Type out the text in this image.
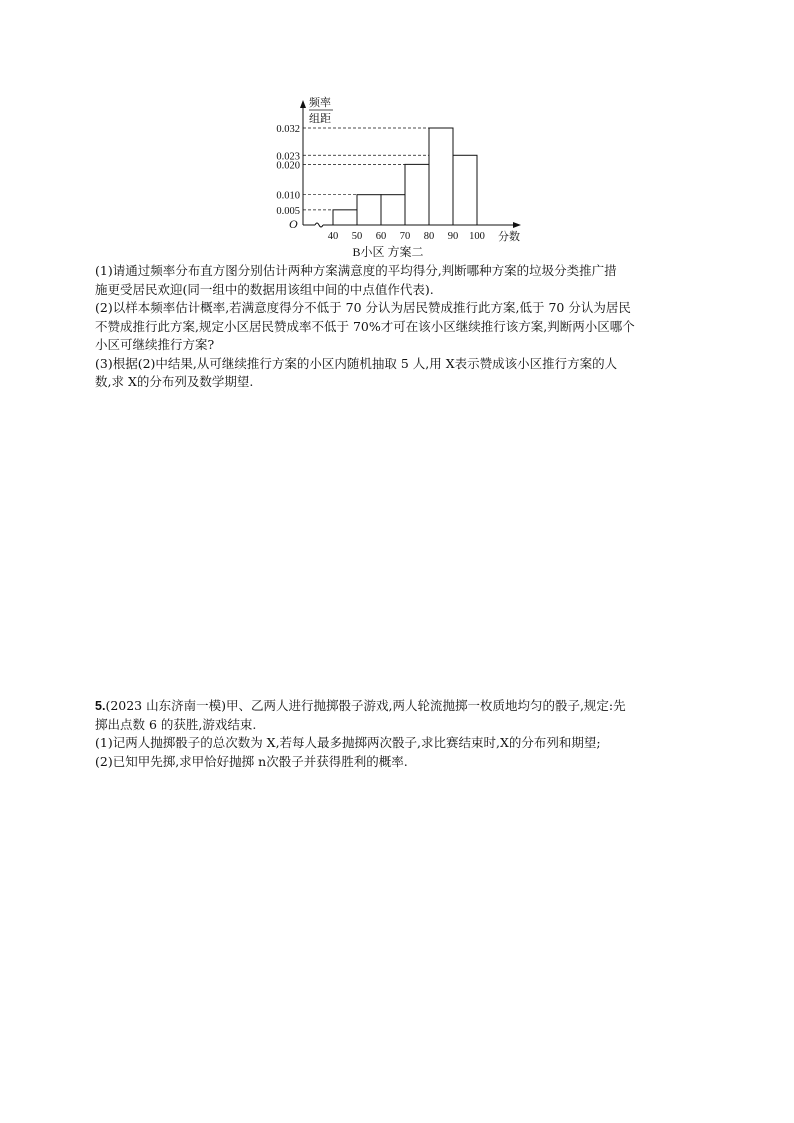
0.005
0.010
0.020
0.023
0.032
40 50 60 70 80 90 100
频率
组距
分数
O
B小区 方案二
(1)请通过频率分布直方图分别估计两种方案满意度的平均得分,判断哪种方案的垃圾分类推广措
施更受居民欢迎(同一组中的数据用该组中间的中点值作代表).
(2)以样本频率估计概率,若满意度得分不低于 70 分认为居民赞成推行此方案,低于 70 分认为居民
不赞成推行此方案,规定小区居民赞成率不低于 70%才可在该小区继续推行该方案,判断两小区哪个
小区可继续推行方案?
(3)根据(2)中结果,从可继续推行方案的小区内随机抽取 5 人,用 X表示赞成该小区推行方案的人
数,求 X的分布列及数学期望.
5.(2023 山东济南一模)甲、乙两人进行抛掷骰子游戏,两人轮流抛掷一枚质地均匀的骰子,规定:先
掷出点数 6 的获胜,游戏结束.
(1)记两人抛掷骰子的总次数为 X,若每人最多抛掷两次骰子,求比赛结束时,X的分布列和期望;
(2)已知甲先掷,求甲恰好抛掷 n次骰子并获得胜利的概率.
